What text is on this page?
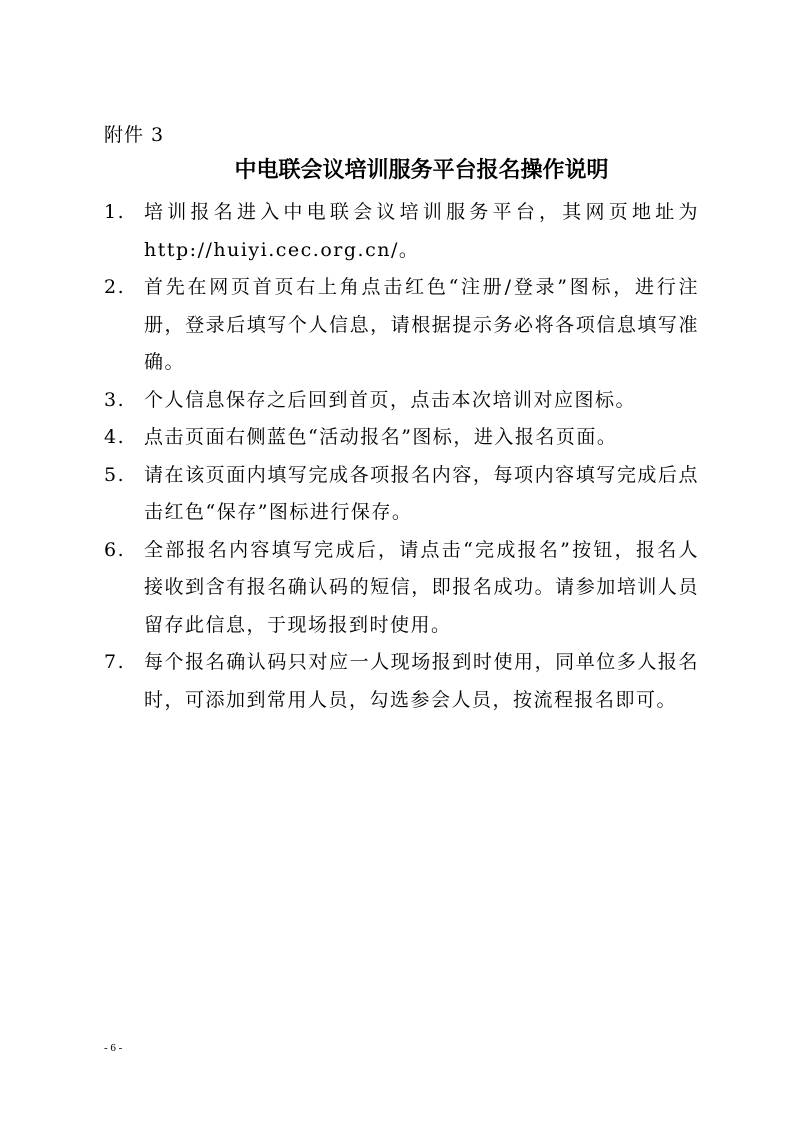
附件 3
中电联会议培训服务平台报名操作说明
1. 培训报名进入中电联会议培训服务平台，其网页地址为 http://huiyi.cec.org.cn/。
2. 首先在网页首页右上角点击红色“注册/登录”图标，进行注册，登录后填写个人信息，请根据提示务必将各项信息填写准确。
3. 个人信息保存之后回到首页，点击本次培训对应图标。
4. 点击页面右侧蓝色“活动报名”图标，进入报名页面。
5. 请在该页面内填写完成各项报名内容，每项内容填写完成后点击红色“保存”图标进行保存。
6. 全部报名内容填写完成后，请点击“完成报名”按钮，报名人接收到含有报名确认码的短信，即报名成功。请参加培训人员留存此信息，于现场报到时使用。
7. 每个报名确认码只对应一人现场报到时使用，同单位多人报名时，可添加到常用人员，勾选参会人员，按流程报名即可。
- 6 -
